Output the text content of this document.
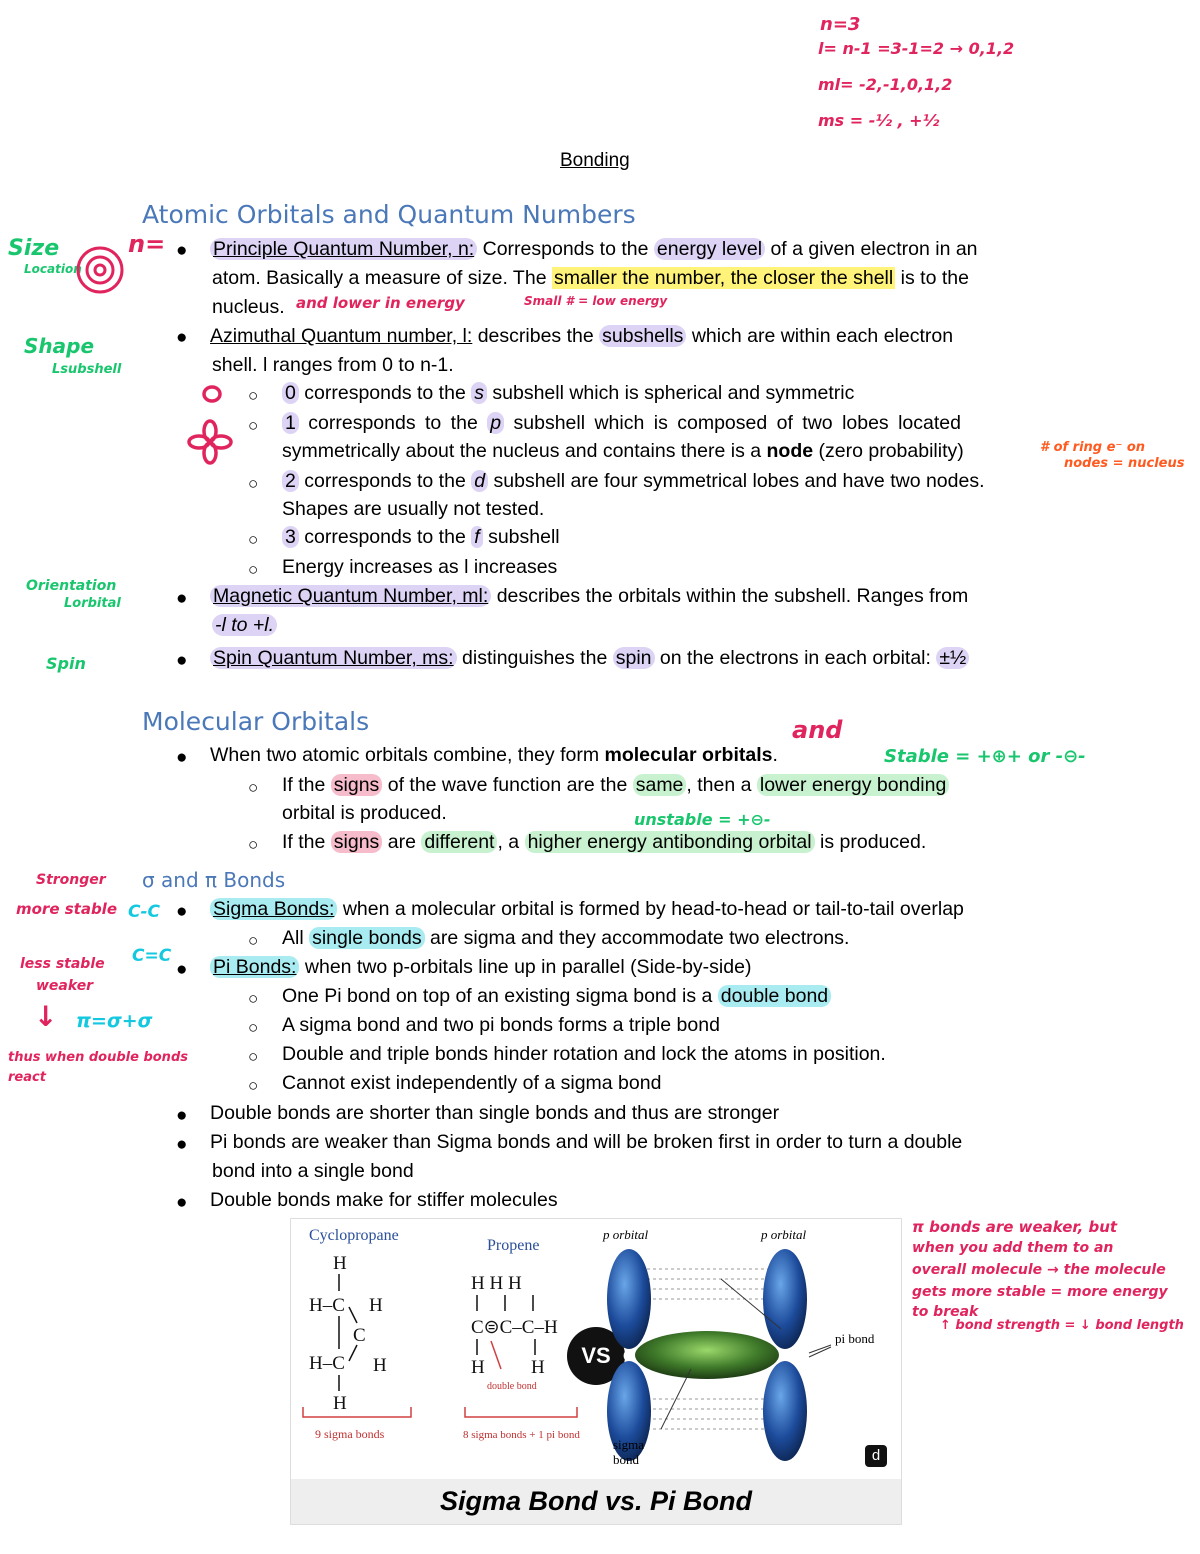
Bonding
n=3
l= n-1 =3-1=2 → 0,1,2
ml= -2,-1,0,1,2
ms = -½ , +½
Atomic Orbitals and Quantum Numbers
● Principle Quantum Number, n: Corresponds to the energy level of a given electron in an
atom. Basically a measure of size. The smaller the number, the closer the shell is to the
nucleus.
● Azimuthal Quantum number, l: describes the subshells which are within each electron
shell. l ranges from 0 to n-1.
○ 0 corresponds to the s subshell which is spherical and symmetric
○ 1 corresponds to the p subshell which is composed of two lobes located
symmetrically about the nucleus and contains there is a node (zero probability)
○ 2 corresponds to the d subshell are four symmetrical lobes and have two nodes.
Shapes are usually not tested.
○ 3 corresponds to the f subshell
○ Energy increases as l increases
● Magnetic Quantum Number, ml: describes the orbitals within the subshell. Ranges from
-l to +l.
● Spin Quantum Number, ms: distinguishes the spin on the electrons in each orbital: ±½
Molecular Orbitals
● When two atomic orbitals combine, they form molecular orbitals.
○ If the signs of the wave function are the same , then a lower energy bonding
orbital is produced.
○ If the signs are different , a higher energy antibonding orbital is produced.
σ and π Bonds
● Sigma Bonds: when a molecular orbital is formed by head-to-head or tail-to-tail overlap
○ All single bonds are sigma and they accommodate two electrons.
● Pi Bonds: when two p-orbitals line up in parallel (Side-by-side)
○ One Pi bond on top of an existing sigma bond is a double bond
○ A sigma bond and two pi bonds forms a triple bond
○ Double and triple bonds hinder rotation and lock the atoms in position.
○ Cannot exist independently of a sigma bond
● Double bonds are shorter than single bonds and thus are stronger
● Pi bonds are weaker than Sigma bonds and will be broken first in order to turn a double
bond into a single bond
● Double bonds make for stiffer molecules
Size
Location
n=
Shape
Lsubshell
and lower in energy	Small # = low energy
# of ring e⁻ on
nodes = nucleus
Orientation
Lorbital
Spin
and
Stable = +⊕+ or -⊖-
unstable = +⊖-
Stronger
more stable C-C
C=C
less stable
weaker
↓ π=σ+σ
thus when double bonds
react
π bonds are weaker, but
when you add them to an
overall molecule → the molecule
gets more stable = more energy
to break
↑ bond strength = ↓ bond length
Cyclopropane
Propene
H
H–C H
C
H–C H
H
9 sigma bonds
H H H
C⊜C–C–H
H H
double bond
8 sigma bonds + 1 pi bond
VS C	C
p orbital	p orbital
pi bond
sigma bond	d
Sigma Bond vs. Pi Bond
